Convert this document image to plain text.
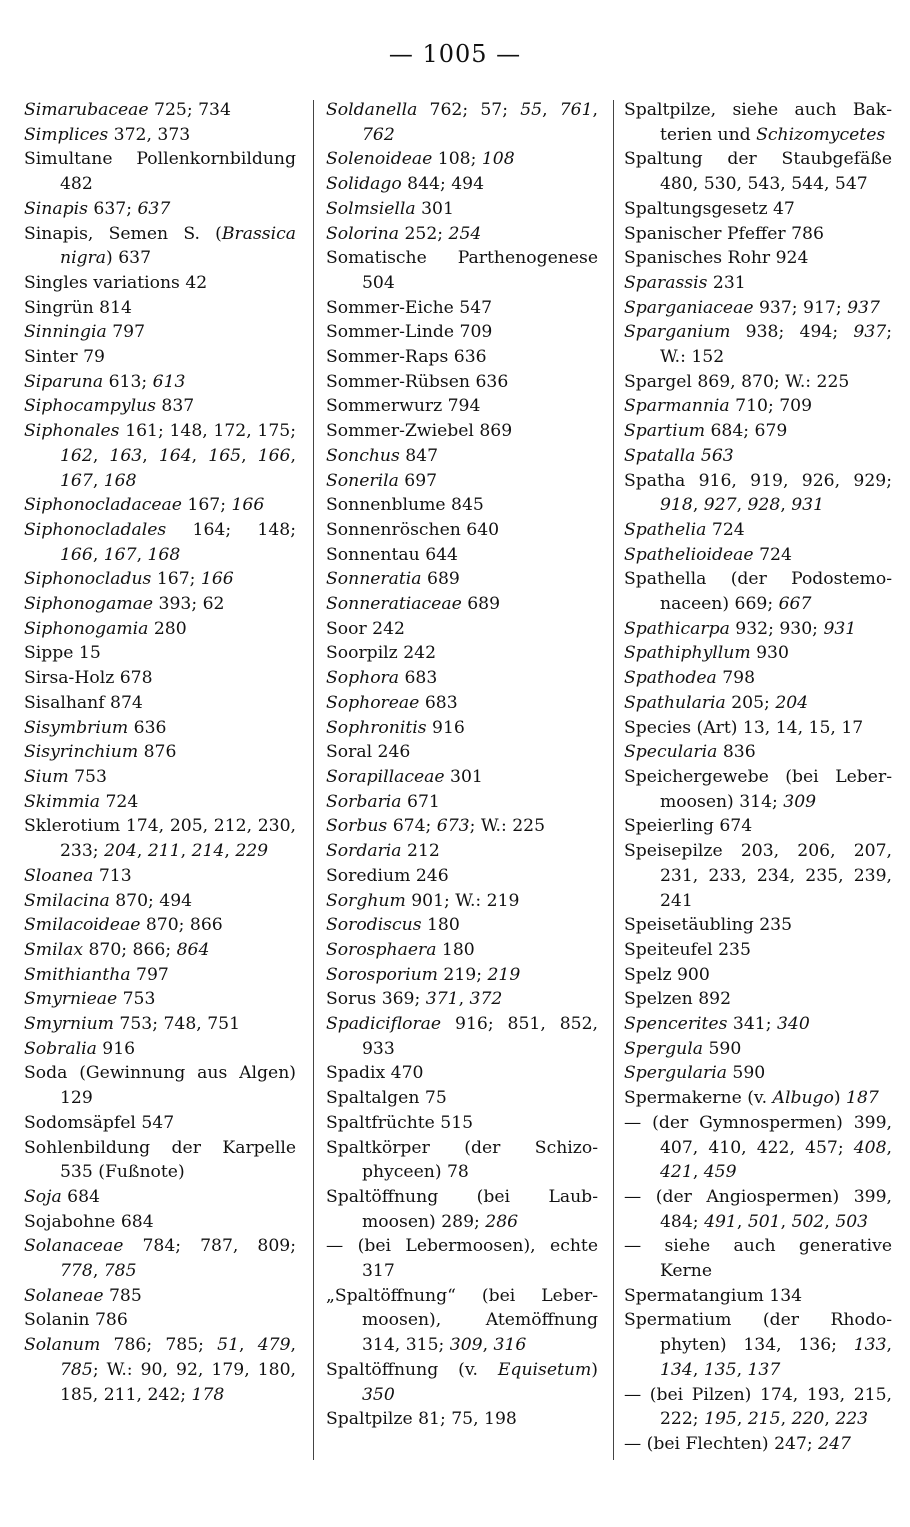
— 1005 —
Simarubaceae 725; 734
Simplices 372, 373
Simultane Pollenkornbildung 482
Sinapis 637; 637
Sinapis, Semen S. (Brassica nigra) 637
Singles variations 42
Singrün 814
Sinningia 797
Sinter 79
Siparuna 613; 613
Siphocampylus 837
Siphonales 161; 148, 172, 175; 162, 163, 164, 165, 166, 167, 168
Siphonocladaceae 167; 166
Siphonocladales 164; 148; 166, 167, 168
Siphonocladus 167; 166
Siphonogamae 393; 62
Siphonogamia 280
Sippe 15
Sirsa-Holz 678
Sisalhanf 874
Sisymbrium 636
Sisyrinchium 876
Sium 753
Skimmia 724
Sklerotium 174, 205, 212, 230, 233; 204, 211, 214, 229
Sloanea 713
Smilacina 870; 494
Smilacoideae 870; 866
Smilax 870; 866; 864
Smithiantha 797
Smyrnieae 753
Smyrnium 753; 748, 751
Sobralia 916
Soda (Gewinnung aus Algen) 129
Sodomsäpfel 547
Sohlenbildung der Karpelle 535 (Fußnote)
Soja 684
Sojabohne 684
Solanaceae 784; 787, 809; 778, 785
Solaneae 785
Solanin 786
Solanum 786; 785; 51, 479, 785; W.: 90, 92, 179, 180, 185, 211, 242; 178
Soldanella 762; 57; 55, 761, 762
Solenoideae 108; 108
Solidago 844; 494
Solmsiella 301
Solorina 252; 254
Somatische Parthenogenese 504
Sommer-Eiche 547
Sommer-Linde 709
Sommer-Raps 636
Sommer-Rübsen 636
Sommerwurz 794
Sommer-Zwiebel 869
Sonchus 847
Sonerila 697
Sonnenblume 845
Sonnenröschen 640
Sonnentau 644
Sonneratia 689
Sonneratiaceae 689
Soor 242
Soorpilz 242
Sophora 683
Sophoreae 683
Sophronitis 916
Soral 246
Sorapillaceae 301
Sorbaria 671
Sorbus 674; 673; W.: 225
Sordaria 212
Soredium 246
Sorghum 901; W.: 219
Sorodiscus 180
Sorosphaera 180
Sorosporium 219; 219
Sorus 369; 371, 372
Spadiciflorae 916; 851, 852, 933
Spadix 470
Spaltalgen 75
Spaltfrüchte 515
Spaltkörper (der Schizophyceen) 78
Spaltöffnung (bei Laubmoosen) 289; 286
— (bei Lebermoosen), echte 317
„Spaltöffnung“ (bei Lebermoosen), Atemöffnung 314, 315; 309, 316
Spaltöffnung (v. Equisetum) 350
Spaltpilze 81; 75, 198
Spaltpilze, siehe auch Bakterien und Schizomycetes
Spaltung der Staubgefäße 480, 530, 543, 544, 547
Spaltungsgesetz 47
Spanischer Pfeffer 786
Spanisches Rohr 924
Sparassis 231
Sparganiaceae 937; 917; 937
Sparganium 938; 494; 937; W.: 152
Spargel 869, 870; W.: 225
Sparmannia 710; 709
Spartium 684; 679
Spatalla 563
Spatha 916, 919, 926, 929; 918, 927, 928, 931
Spathelia 724
Spathelioideae 724
Spathella (der Podostemonaceen) 669; 667
Spathicarpa 932; 930; 931
Spathiphyllum 930
Spathodea 798
Spathularia 205; 204
Species (Art) 13, 14, 15, 17
Specularia 836
Speichergewebe (bei Lebermoosen) 314; 309
Speierling 674
Speisepilze 203, 206, 207, 231, 233, 234, 235, 239, 241
Speisetäubling 235
Speiteufel 235
Spelz 900
Spelzen 892
Spencerites 341; 340
Spergula 590
Spergularia 590
Spermakerne (v. Albugo) 187
— (der Gymnospermen) 399, 407, 410, 422, 457; 408, 421, 459
— (der Angiospermen) 399, 484; 491, 501, 502, 503
— siehe auch generative Kerne
Spermatangium 134
Spermatium (der Rhodophyten) 134, 136; 133, 134, 135, 137
— (bei Pilzen) 174, 193, 215, 222; 195, 215, 220, 223
— (bei Flechten) 247; 247
